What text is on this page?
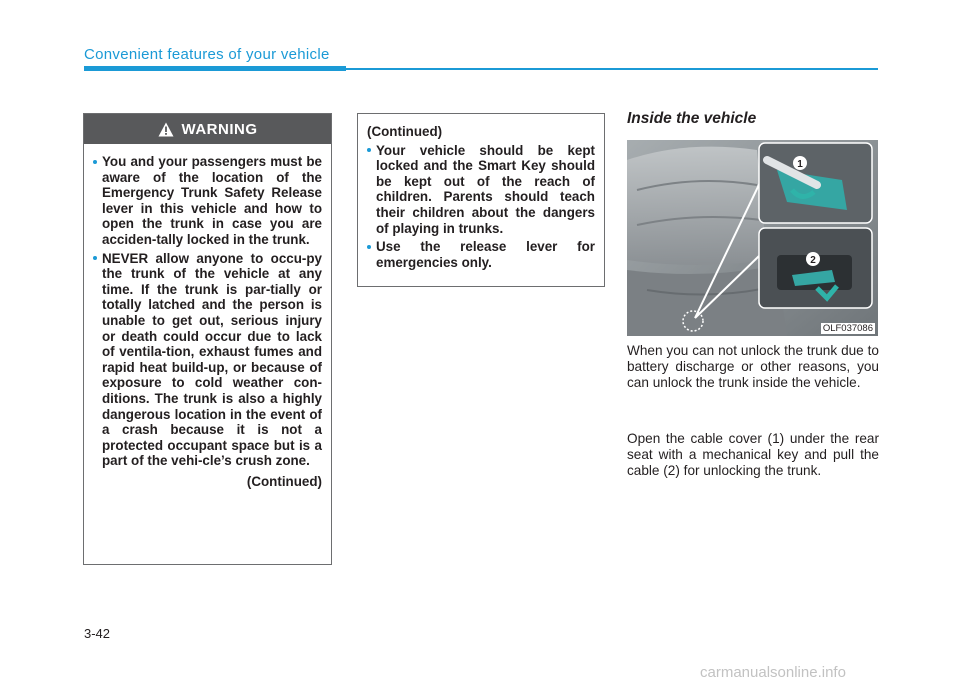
Convenient features of your vehicle
WARNING
You and your passengers must be aware of the location of the Emergency Trunk Safety Release lever in this vehicle and how to open the trunk in case you are acciden-tally locked in the trunk.
NEVER allow anyone to occu-py the trunk of the vehicle at any time. If the trunk is par-tially or totally latched and the person is unable to get out, serious injury or death could occur due to lack of ventila-tion, exhaust fumes and rapid heat build-up, or because of exposure to cold weather con-ditions. The trunk is also a highly dangerous location in the event of a crash because it is not a protected occupant space but is a part of the vehi-cle’s crush zone.
(Continued)
(Continued)
Your vehicle should be kept locked and the Smart Key should be kept out of the reach of children. Parents should teach their children about the dangers of playing in trunks.
Use the release lever for emergencies only.
Inside the vehicle
1
2
OLF037086
When you can not unlock the trunk due to battery discharge or other reasons, you can unlock the trunk inside the vehicle.
Open the cable cover (1) under the rear seat with a mechanical key and pull the cable (2) for unlocking the trunk.
3-42
carmanualsonline.info
